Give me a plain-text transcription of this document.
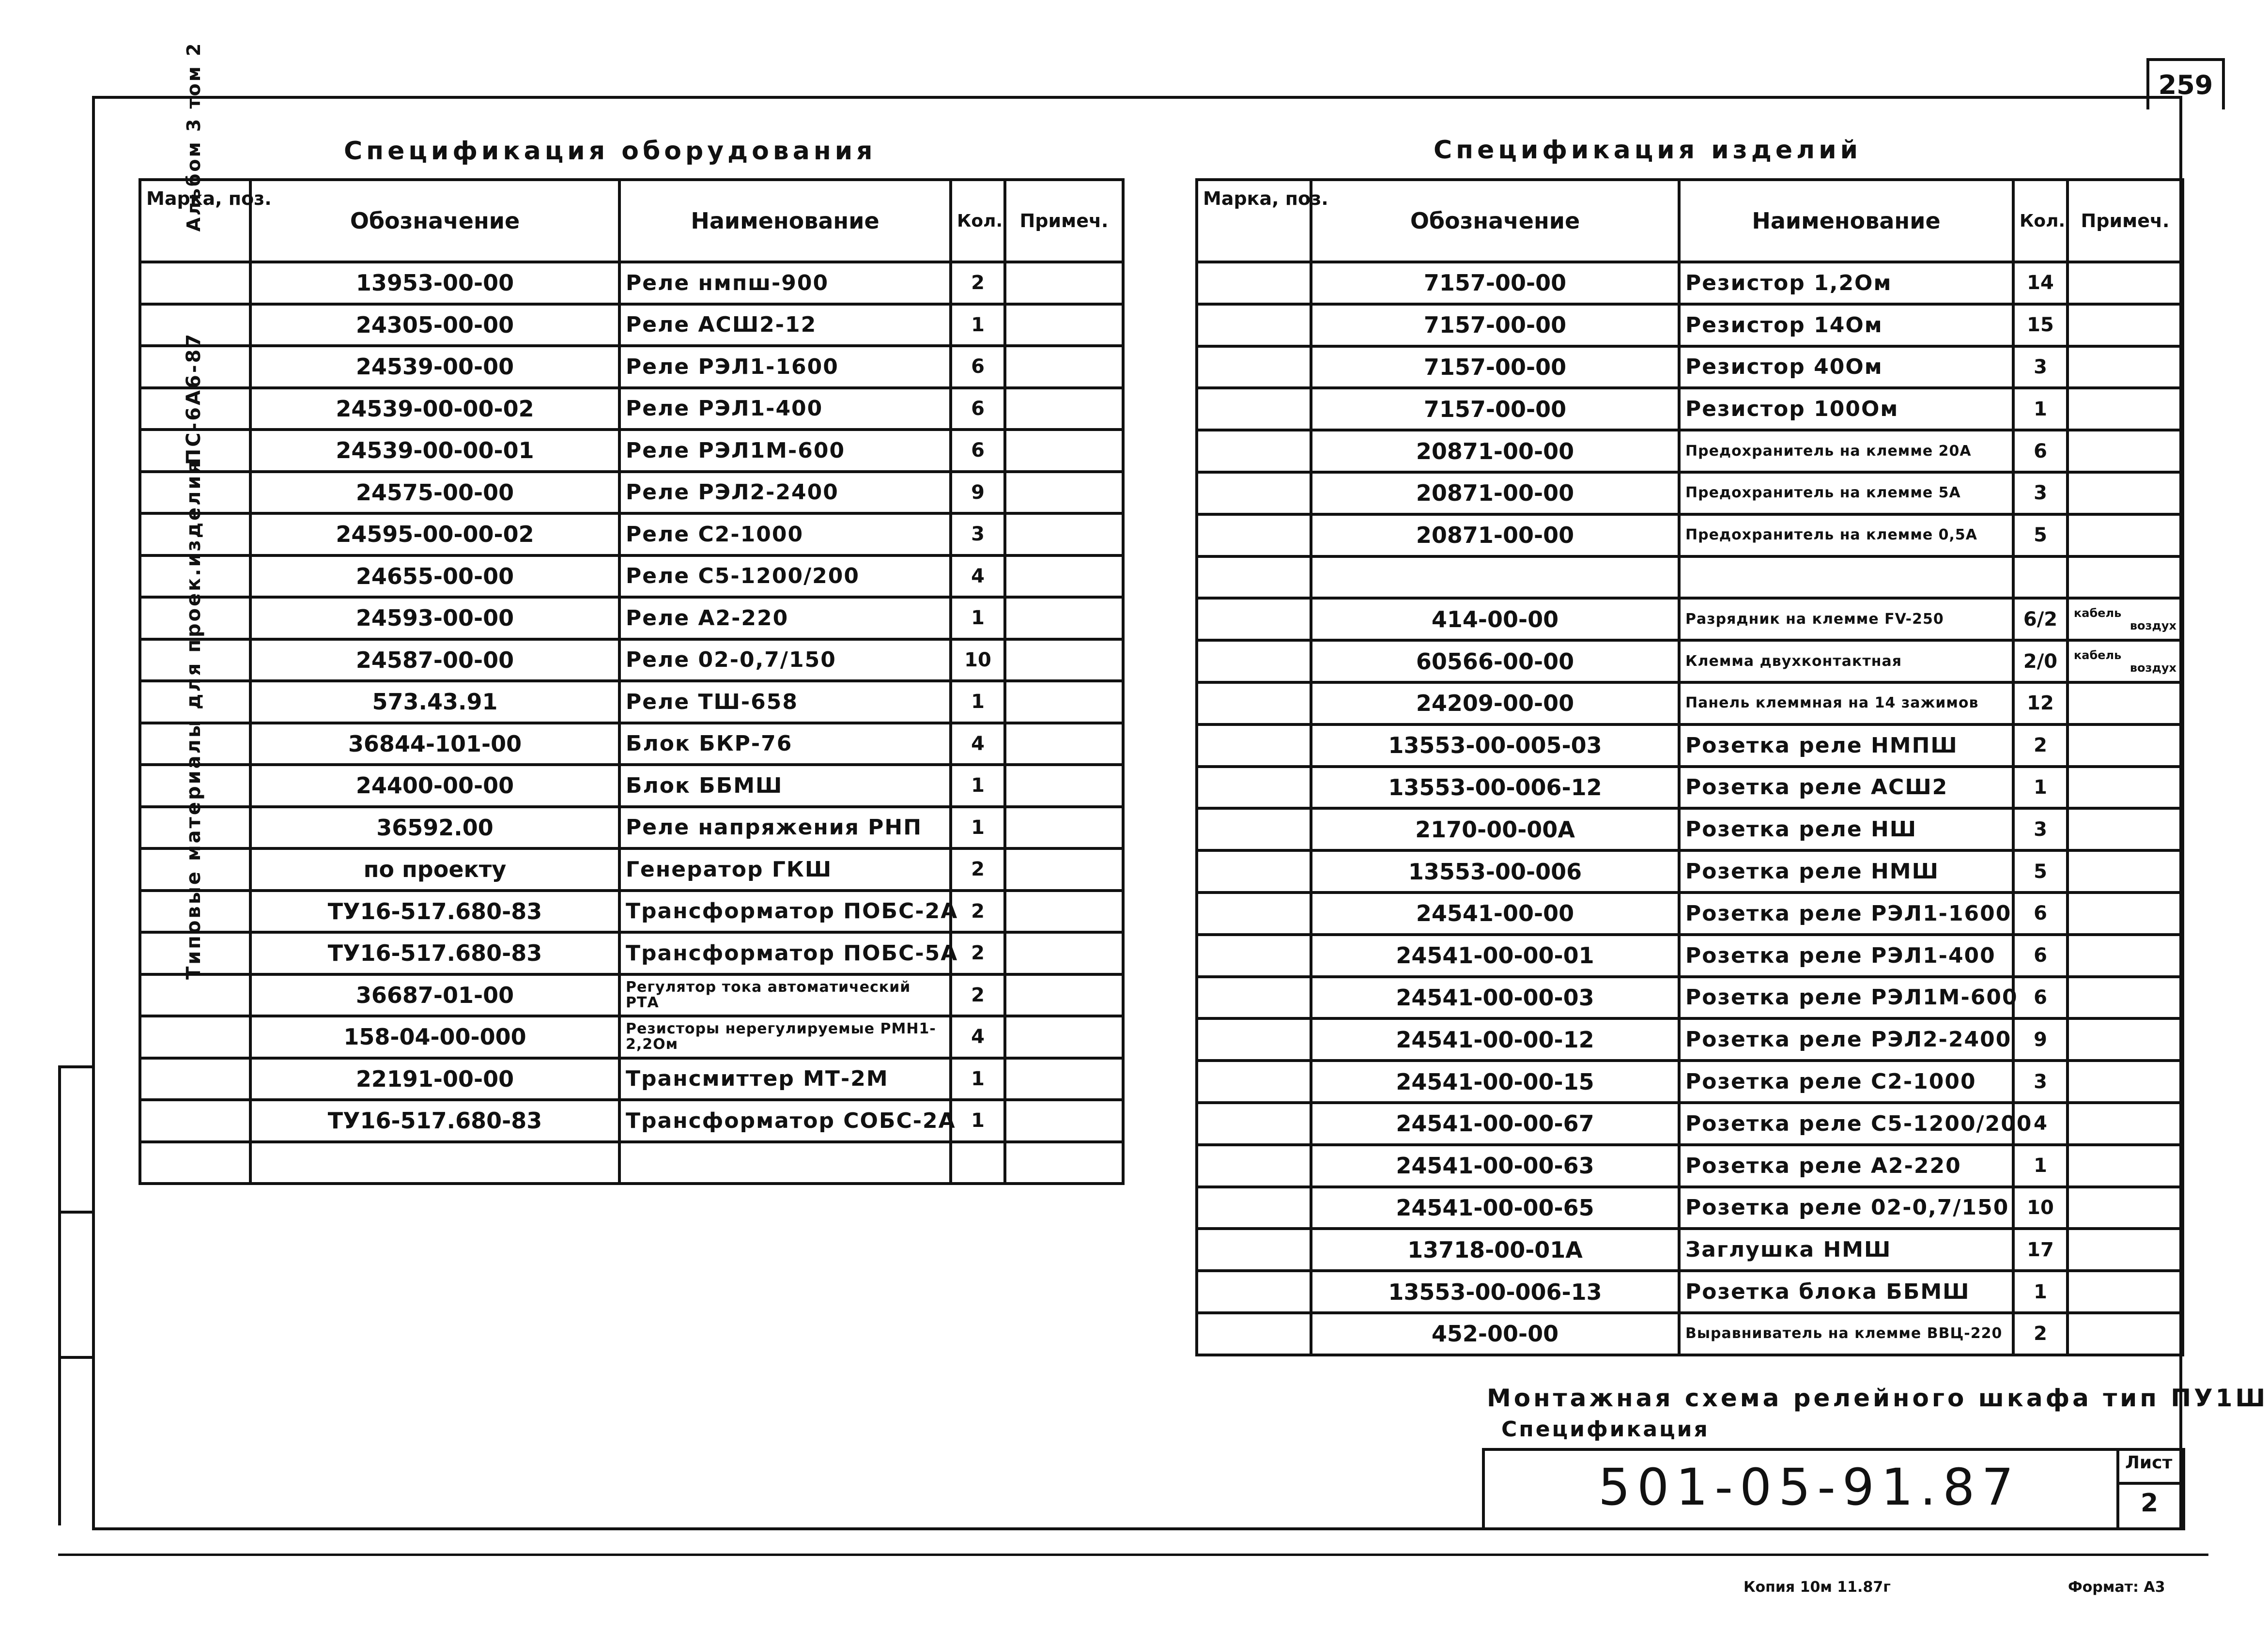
259
Альбом 3 том 2
ПС-6А6-87
Типовые материалы для проек.изделия
Спецификация оборудования
Марка, поз.	Обозначение	Наименование	Кол.	Примеч.
	13953-00-00	Реле нмпш-900	2	
	24305-00-00	Реле АСШ2-12	1	
	24539-00-00	Реле РЭЛ1-1600	6	
	24539-00-00-02	Реле РЭЛ1-400	6	
	24539-00-00-01	Реле РЭЛ1М-600	6	
	24575-00-00	Реле РЭЛ2-2400	9	
	24595-00-00-02	Реле С2-1000	3	
	24655-00-00	Реле С5-1200/200	4	
	24593-00-00	Реле А2-220	1	
	24587-00-00	Реле 02-0,7/150	10	
	573.43.91	Реле ТШ-658	1	
	36844-101-00	Блок БКР-76	4	
	24400-00-00	Блок ББМШ	1	
	36592.00	Реле напряжения РНП	1	
	по проекту	Генератор ГКШ	2	
	ТУ16-517.680-83	Трансформатор ПОБС-2А	2	
	ТУ16-517.680-83	Трансформатор ПОБС-5А	2	
	36687-01-00	Регулятор тока автоматический РТА	2	
	158-04-00-000	Резисторы нерегулируемые РМН1-2,2Ом	4	
	22191-00-00	Трансмиттер МТ-2М	1	
	ТУ16-517.680-83	Трансформатор СОБС-2А	1	

Спецификация изделий
Марка, поз.	Обозначение	Наименование	Кол.	Примеч.
	7157-00-00	Резистор 1,2Ом	14	
	7157-00-00	Резистор 14Ом	15	
	7157-00-00	Резистор 40Ом	3	
	7157-00-00	Резистор 100Ом	1	
	20871-00-00	Предохранитель на клемме 20А	6	
	20871-00-00	Предохранитель на клемме 5А	3	
	20871-00-00	Предохранитель на клемме 0,5А	5	

	414-00-00	Разрядник на клемме FV-250	6/2	кабель
воздух

	60566-00-00	Клемма двухконтактная	2/0	кабель
воздух

	24209-00-00	Панель клеммная на 14 зажимов	12	
	13553-00-005-03	Розетка реле НМПШ	2	
	13553-00-006-12	Розетка реле АСШ2	1	
	2170-00-00А	Розетка реле НШ	3	
	13553-00-006	Розетка реле НМШ	5	
	24541-00-00	Розетка реле РЭЛ1-1600	6	
	24541-00-00-01	Розетка реле РЭЛ1-400	6	
	24541-00-00-03	Розетка реле РЭЛ1М-600	6	
	24541-00-00-12	Розетка реле РЭЛ2-2400	9	
	24541-00-00-15	Розетка реле С2-1000	3	
	24541-00-00-67	Розетка реле С5-1200/200	4	
	24541-00-00-63	Розетка реле А2-220	1	
	24541-00-00-65	Розетка реле 02-0,7/150	10	
	13718-00-01А	Заглушка НМШ	17	
	13553-00-006-13	Розетка блока ББМШ	1	
	452-00-00	Выравниватель на клемме ВВЦ-220	2	
Монтажная схема релейного шкафа тип ПУ1Ш
Спецификация
501-05-91.87	Лист
2
Копия 10м 11.87г	Формат: А3
